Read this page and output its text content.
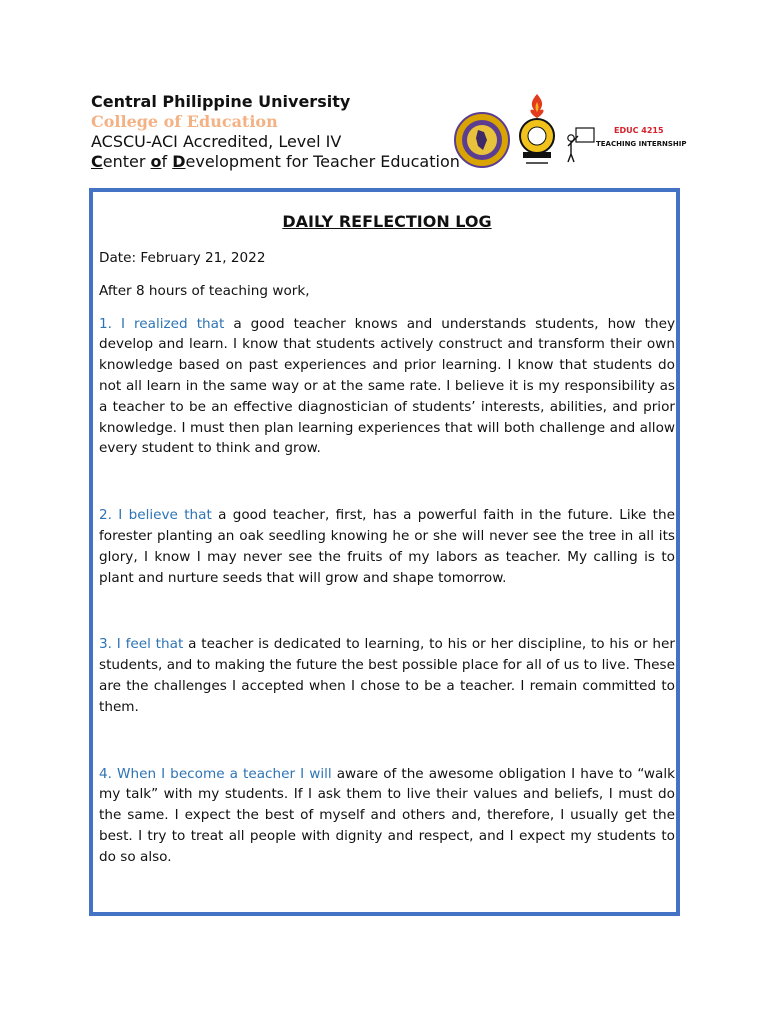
Central Philippine University
College of Education
ACSCU-ACI Accredited, Level IV
Center of Development for Teacher Education
EDUC 4215
TEACHING INTERNSHIP
DAILY REFLECTION LOG
Date: February 21, 2022
After 8 hours of teaching work,

1. I realized that a good teacher knows and understands students, how they develop and learn. I know that students actively construct and transform their own knowledge based on past experiences and prior learning. I know that students do not all learn in the same way or at the same rate. I believe it is my responsibility as a teacher to be an effective diagnostician of students’ interests, abilities, and prior knowledge. I must then plan learning experiences that will both challenge and allow every student to think and grow.

2. I believe that a good teacher, first, has a powerful faith in the future. Like the forester planting an oak seedling knowing he or she will never see the tree in all its glory, I know I may never see the fruits of my labors as teacher. My calling is to plant and nurture seeds that will grow and shape tomorrow.

3. I feel that a teacher is dedicated to learning, to his or her discipline, to his or her students, and to making the future the best possible place for all of us to live. These are the challenges I accepted when I chose to be a teacher. I remain committed to them.

4. When I become a teacher I will aware of the awesome obligation I have to “walk my talk” with my students. If I ask them to live their values and beliefs, I must do the same. I expect the best of myself and others and, therefore, I usually get the best. I try to treat all people with dignity and respect, and I expect my students to do so also.
